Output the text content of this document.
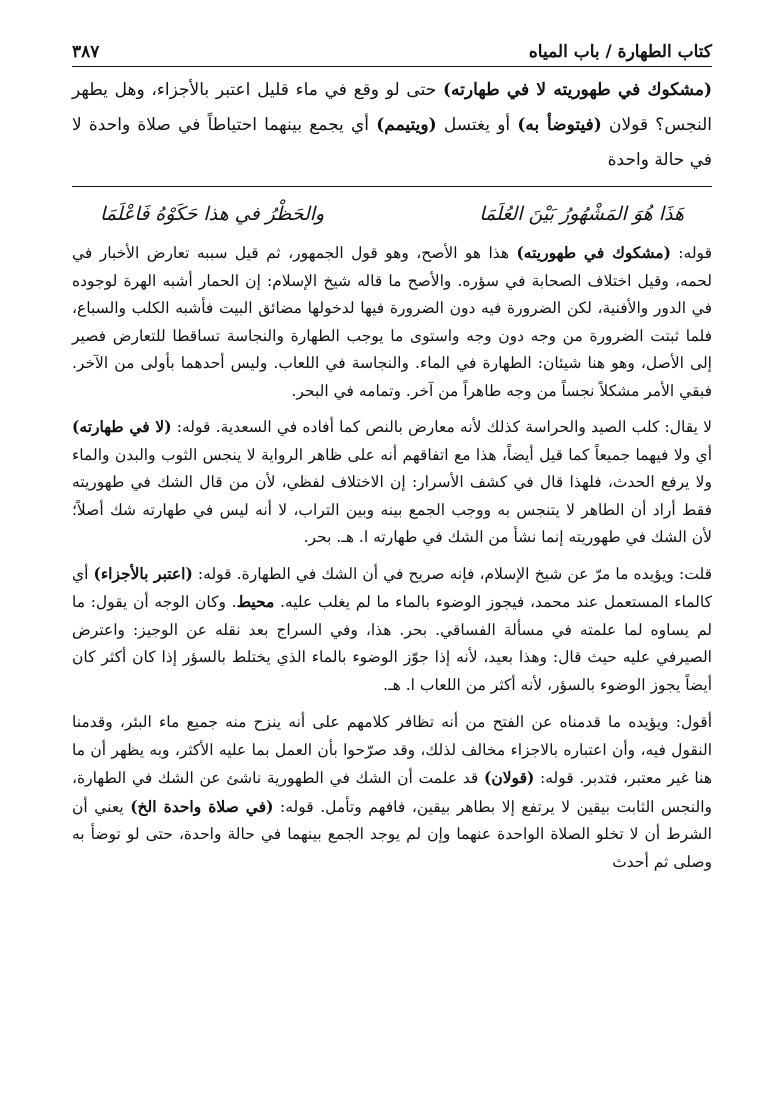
كتاب الطهارة / باب المياه
٣٨٧

(مشكوك في طهوريته لا في طهارته) حتى لو وقع في ماء قليل اعتبر بالأجزاء، وهل يطهر النجس؟ قولان (فيتوضأ به) أو يغتسل (ويتيمم) أي يجمع بينهما احتياطاً في صلاة واحدة لا في حالة واحدة

هَذَا هُوَ المَشْهُورُ بَيْنَ العُلَمَا
والحَظْرُ في هذا حَكَوْهُ فَاعْلَمَا

قوله: (مشكوك في طهوريته) هذا هو الأصح، وهو قول الجمهور، ثم قيل سببه تعارض الأخبار في لحمه، وقيل اختلاف الصحابة في سؤره. والأصح ما قاله شيخ الإسلام: إن الحمار أشبه الهرة لوجوده في الدور والأفنية، لكن الضرورة فيه دون الضرورة فيها لدخولها مضائق البيت فأشبه الكلب والسباع، فلما ثبتت الضرورة من وجه دون وجه واستوى ما يوجب الطهارة والنجاسة تساقطا للتعارض فصير إلى الأصل، وهو هنا شيئان: الطهارة في الماء. والنجاسة في اللعاب. وليس أحدهما بأولى من الآخر. فبقي الأمر مشكلاً نجساً من وجه طاهراً من آخر. وتمامه في البحر.

لا يقال: كلب الصيد والحراسة كذلك لأنه معارض بالنص كما أفاده في السعدية. قوله: (لا في طهارته) أي ولا فيهما جميعاً كما قيل أيضاً، هذا مع اتفاقهم أنه على ظاهر الرواية لا ينجس الثوب والبدن والماء ولا يرفع الحدث، فلهذا قال في كشف الأسرار: إن الاختلاف لفظي، لأن من قال الشك في طهوريته فقط أراد أن الطاهر لا يتنجس به ووجب الجمع بينه وبين التراب، لا أنه ليس في طهارته شك أصلاً؛ لأن الشك في طهوريته إنما نشأ من الشك في طهارته ا. هـ. بحر.

قلت: ويؤيده ما مرّ عن شيخ الإسلام، فإنه صريح في أن الشك في الطهارة. قوله: (اعتبر بالأجزاء) أي كالماء المستعمل عند محمد، فيجوز الوضوء بالماء ما لم يغلب عليه. محيط. وكان الوجه أن يقول: ما لم يساوه لما علمته في مسألة الفساقي. بحر. هذا، وفي السراج بعد نقله عن الوجيز: واعترض الصيرفي عليه حيث قال: وهذا بعيد، لأنه إذا جوّز الوضوء بالماء الذي يختلط بالسؤر إذا كان أكثر كان أيضاً يجوز الوضوء بالسؤر، لأنه أكثر من اللعاب ا. هـ.

أقول: ويؤيده ما قدمناه عن الفتح من أنه تظافر كلامهم على أنه ينزح منه جميع ماء البئر، وقدمنا النقول فيه، وأن اعتباره بالاجزاء مخالف لذلك، وقد صرّحوا بأن العمل بما عليه الأكثر، وبه يظهر أن ما هنا غير معتبر، فتدبر. قوله: (قولان) قد علمت أن الشك في الطهورية ناشئ عن الشك في الطهارة، والنجس الثابت بيقين لا يرتفع إلا بطاهر بيقين، فافهم وتأمل. قوله: (في صلاة واحدة الخ) يعني أن الشرط أن لا تخلو الصلاة الواحدة عنهما وإن لم يوجد الجمع بينهما في حالة واحدة، حتى لو توضأ به وصلى ثم أحدث
